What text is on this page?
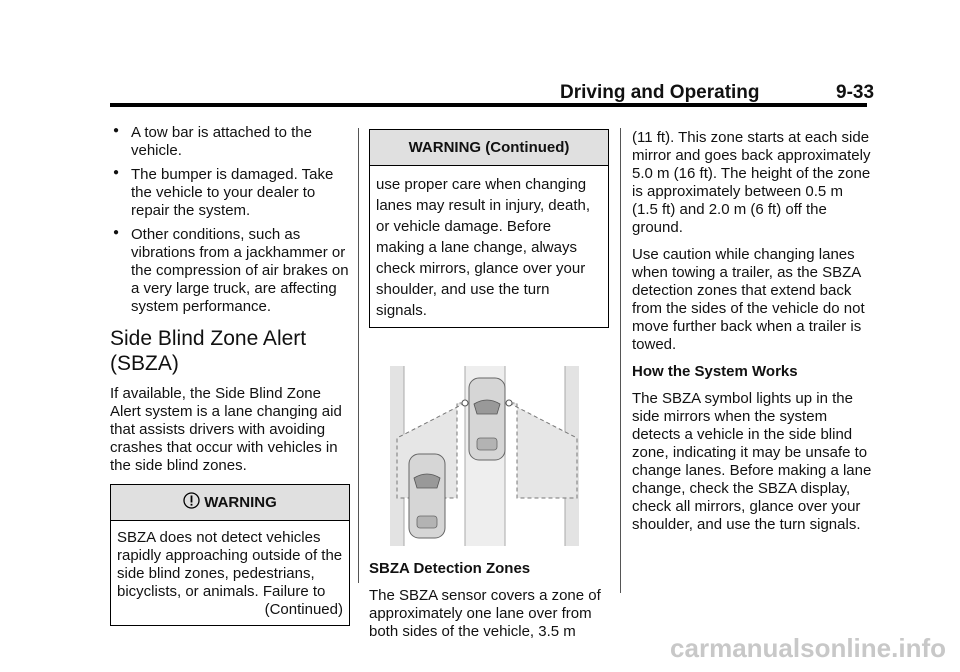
Driving and Operating	9-33
● A tow bar is attached to the vehicle.
● The bumper is damaged. Take the vehicle to your dealer to repair the system.
● Other conditions, such as vibrations from a jackhammer or the compression of air brakes on a very large truck, are affecting system performance.
Side Blind Zone Alert (SBZA)

If available, the Side Blind Zone Alert system is a lane changing aid that assists drivers with avoiding crashes that occur with vehicles in the side blind zones.

WARNING

SBZA does not detect vehicles rapidly approaching outside of the side blind zones, pedestrians, bicyclists, or animals. Failure to

(Continued)
WARNING (Continued)

use proper care when changing lanes may result in injury, death, or vehicle damage. Before making a lane change, always check mirrors, glance over your shoulder, and use the turn signals.

SBZA Detection Zones

The SBZA sensor covers a zone of approximately one lane over from both sides of the vehicle, 3.5 m

(11 ft). This zone starts at each side mirror and goes back approximately 5.0 m (16 ft). The height of the zone is approximately between 0.5 m (1.5 ft) and 2.0 m (6 ft) off the ground.

Use caution while changing lanes when towing a trailer, as the SBZA detection zones that extend back from the sides of the vehicle do not move further back when a trailer is towed.

How the System Works

The SBZA symbol lights up in the side mirrors when the system detects a vehicle in the side blind zone, indicating it may be unsafe to change lanes. Before making a lane change, check the SBZA display, check all mirrors, glance over your shoulder, and use the turn signals.

carmanualsonline.info
